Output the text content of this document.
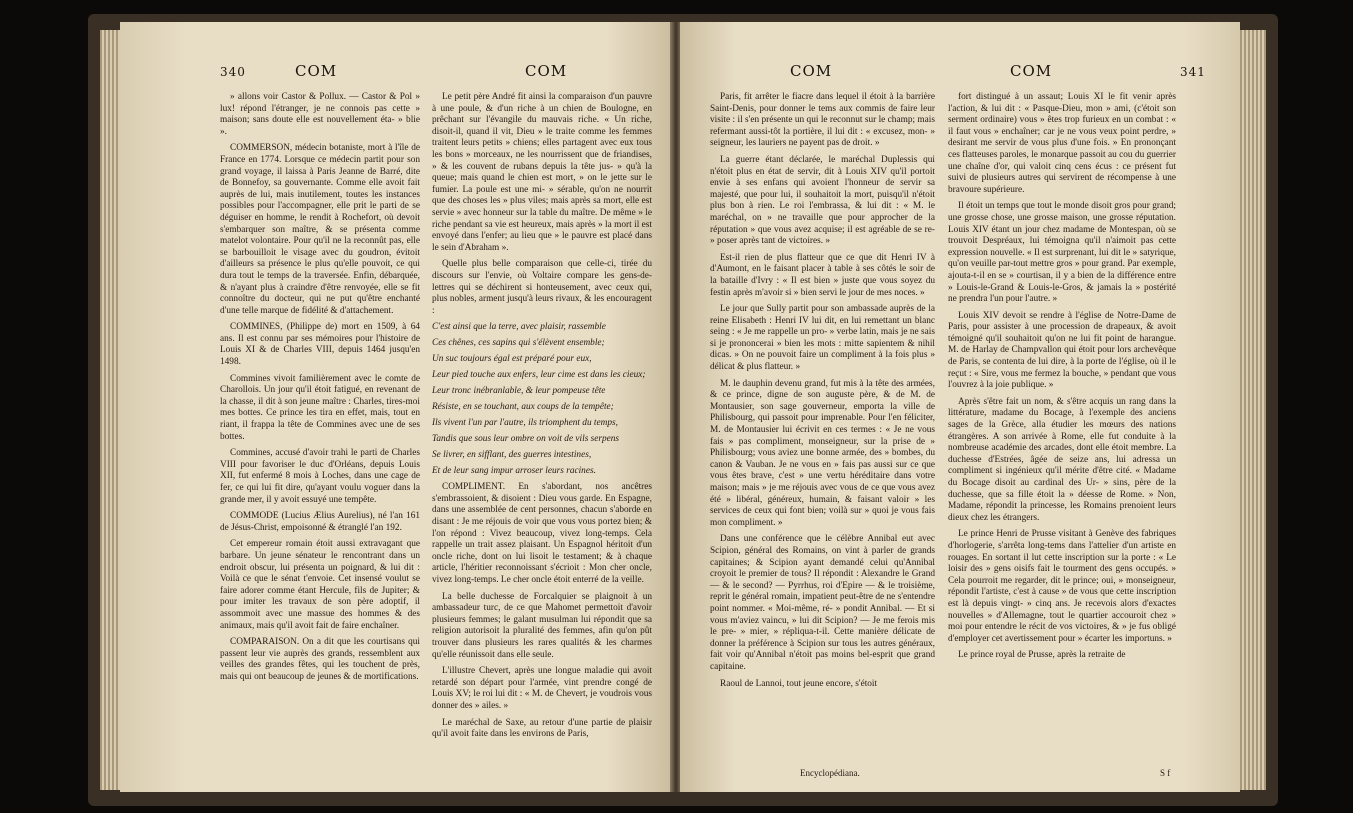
340	COM	COM

» allons voir Castor & Pollux. — Castor & Pol » lux! répond l'étranger, je ne connois pas cette » maison; sans doute elle est nouvellement éta- » blie ».

COMMERSON, médecin botaniste, mort à l'île de France en 1774. Lorsque ce médecin partit pour son grand voyage, il laissa à Paris Jeanne de Barré, dite de Bonnefoy, sa gouvernante. Comme elle avoit fait auprès de lui, mais inutilement, toutes les instances possibles pour l'accompagner, elle prit le parti de se déguiser en homme, le rendit à Rochefort, où devoit s'embarquer son maître, & se présenta comme matelot volontaire. Pour qu'il ne la reconnût pas, elle se barbouilloit le visage avec du goudron, évitoit d'ailleurs sa présence le plus qu'elle pouvoit, ce qui dura tout le temps de la traversée. Enfin, débarquée, & n'ayant plus à craindre d'être renvoyée, elle se fit connoître du docteur, qui ne put qu'être enchanté d'une telle marque de fidélité & d'attachement.

COMMINES, (Philippe de) mort en 1509, à 64 ans. Il est connu par ses mémoires pour l'histoire de Louis XI & de Charles VIII, depuis 1464 jusqu'en 1498.

Commines vivoit familièrement avec le comte de Charollois. Un jour qu'il étoit fatigué, en revenant de la chasse, il dit à son jeune maître : Charles, tires-moi mes bottes. Ce prince les tira en effet, mais, tout en riant, il frappa la tête de Commines avec une de ses bottes.

Commines, accusé d'avoir trahi le parti de Charles VIII pour favoriser le duc d'Orléans, depuis Louis XII, fut enfermé 8 mois à Loches, dans une cage de fer, ce qui lui fit dire, qu'ayant voulu voguer dans la grande mer, il y avoit essuyé une tempête.

COMMODE (Lucius Ælius Aurelius), né l'an 161 de Jésus-Christ, empoisonné & étranglé l'an 192.

Cet empereur romain étoit aussi extravagant que barbare. Un jeune sénateur le rencontrant dans un endroit obscur, lui présenta un poignard, & lui dit : Voilà ce que le sénat t'envoie. Cet insensé voulut se faire adorer comme étant Hercule, fils de Jupiter; & pour imiter les travaux de son père adoptif, il assommoit avec une massue des hommes & des animaux, mais qu'il avoit fait de faire enchaîner.

COMPARAISON. On a dit que les courtisans qui passent leur vie auprès des grands, ressemblent aux veilles des grandes fêtes, qui les touchent de près, mais qui ont beaucoup de jeunes & de mortifications.

Le petit père André fit ainsi la comparaison d'un pauvre à une poule, & d'un riche à un chien de Boulogne, en prêchant sur l'évangile du mauvais riche. « Un riche, disoit-il, quand il vit, Dieu » le traite comme les femmes traitent leurs petits » chiens; elles partagent avec eux tous les bons » morceaux, ne les nourrissent que de friandises, » & les couvent de rubans depuis la tête jus- » qu'à la queue; mais quand le chien est mort, » on le jette sur le fumier. La poule est une mi- » sérable, qu'on ne nourrit que des choses les » plus viles; mais après sa mort, elle est servie » avec honneur sur la table du maître. De même » le riche pendant sa vie est heureux, mais après » la mort il est envoyé dans l'enfer; au lieu que » le pauvre est placé dans le sein d'Abraham ».

Quelle plus belle comparaison que celle-ci, tirée du discours sur l'envie, où Voltaire compare les gens-de-lettres qui se déchirent si honteusement, avec ceux qui, plus nobles, arment jusqu'à leurs rivaux, & les encouragent :

C'est ainsi que la terre, avec plaisir, rassemble

Ces chênes, ces sapins qui s'élèvent ensemble;

Un suc toujours égal est préparé pour eux,

Leur pied touche aux enfers, leur cime est dans les cieux;

Leur tronc inébranlable, & leur pompeuse tête

Résiste, en se touchant, aux coups de la tempête;

Ils vivent l'un par l'autre, ils triomphent du temps,

Tandis que sous leur ombre on voit de vils serpens

Se livrer, en sifflant, des guerres intestines,

Et de leur sang impur arroser leurs racines.

COMPLIMENT. En s'abordant, nos ancêtres s'embrassoient, & disoient : Dieu vous garde. En Espagne, dans une assemblée de cent personnes, chacun s'aborde en disant : Je me réjouis de voir que vous vous portez bien; & l'on répond : Vivez beaucoup, vivez long-temps. Cela rappelle un trait assez plaisant. Un Espagnol héritoit d'un oncle riche, dont on lui lisoit le testament; & à chaque article, l'héritier reconnoissant s'écrioit : Mon cher oncle, vivez long-temps. Le cher oncle étoit enterré de la veille.

La belle duchesse de Forcalquier se plaignoit à un ambassadeur turc, de ce que Mahomet permettoit d'avoir plusieurs femmes; le galant musulman lui répondit que sa religion autorisoit la pluralité des femmes, afin qu'on pût trouver dans plusieurs les rares qualités & les charmes qu'elle réunissoit dans elle seule.

L'illustre Chevert, après une longue maladie qui avoit retardé son départ pour l'armée, vint prendre congé de Louis XV; le roi lui dit : « M. de Chevert, je voudrois vous donner des » ailes. »

Le maréchal de Saxe, au retour d'une partie de plaisir qu'il avoit faite dans les environs de Paris,

COM	COM	341

Paris, fit arrêter le fiacre dans lequel il étoit à la barrière Saint-Denis, pour donner le tems aux commis de faire leur visite : il s'en présente un qui le reconnut sur le champ; mais refermant aussi-tôt la portière, il lui dit : « excusez, mon- » seigneur, les lauriers ne payent pas de droit. »

La guerre étant déclarée, le maréchal Duplessis qui n'étoit plus en état de servir, dit à Louis XIV qu'il portoit envie à ses enfans qui avoient l'honneur de servir sa majesté, que pour lui, il souhaitoit la mort, puisqu'il n'étoit plus bon à rien. Le roi l'embrassa, & lui dit : « M. le maréchal, on » ne travaille que pour approcher de la réputation » que vous avez acquise; il est agréable de se re- » poser après tant de victoires. »

Est-il rien de plus flatteur que ce que dit Henri IV à d'Aumont, en le faisant placer à table à ses côtés le soir de la bataille d'Ivry : « Il est bien » juste que vous soyez du festin après m'avoir si » bien servi le jour de mes noces. »

Le jour que Sully partit pour son ambassade auprès de la reine Elisabeth : Henri IV lui dit, en lui remettant un blanc seing : « Je me rappelle un pro- » verbe latin, mais je ne sais si je prononcerai » bien les mots : mitte sapientem & nihil dicas. » On ne pouvoit faire un compliment à la fois plus » délicat & plus flatteur. »

M. le dauphin devenu grand, fut mis à la tête des armées, & ce prince, digne de son auguste père, & de M. de Montausier, son sage gouverneur, emporta la ville de Philisbourg, qui passoit pour imprenable. Pour l'en féliciter, M. de Montausier lui écrivit en ces termes : « Je ne vous fais » pas compliment, monseigneur, sur la prise de » Philisbourg; vous aviez une bonne armée, des » bombes, du canon & Vauban. Je ne vous en » fais pas aussi sur ce que vous êtes brave, c'est » une vertu héréditaire dans votre maison; mais » je me réjouis avec vous de ce que vous avez été » libéral, généreux, humain, & faisant valoir » les services de ceux qui font bien; voilà sur » quoi je vous fais mon compliment. »

Dans une conférence que le célèbre Annibal eut avec Scipion, général des Romains, on vint à parler de grands capitaines; & Scipion ayant demandé celui qu'Annibal croyoit le premier de tous? Il répondit : Alexandre le Grand — & le second? — Pyrrhus, roi d'Epire — & le troisième, reprit le général romain, impatient peut-être de ne s'entendre point nommer. « Moi-même, ré- » pondit Annibal. — Et si vous m'aviez vaincu, » lui dit Scipion? — Je me ferois mis le pre- » mier, » répliqua-t-il. Cette manière délicate de donner la préférence à Scipion sur tous les autres généraux, fait voir qu'Annibal n'étoit pas moins bel-esprit que grand capitaine.

Raoul de Lannoi, tout jeune encore, s'étoit

fort distingué à un assaut; Louis XI le fit venir après l'action, & lui dit : « Pasque-Dieu, mon » ami, (c'étoit son serment ordinaire) vous » êtes trop furieux en un combat : « il faut vous » enchaîner; car je ne vous veux point perdre, » desirant me servir de vous plus d'une fois. » En prononçant ces flatteuses paroles, le monarque passoit au cou du guerrier une chaîne d'or, qui valoit cinq cens écus : ce présent fut suivi de plusieurs autres qui servirent de récompense à une bravoure supérieure.

Il étoit un temps que tout le monde disoit gros pour grand; une grosse chose, une grosse maison, une grosse réputation. Louis XIV étant un jour chez madame de Montespan, où se trouvoit Despréaux, lui témoigna qu'il n'aimoit pas cette expression nouvelle. « Il est surprenant, lui dit le » satyrique, qu'on veuille par-tout mettre gros » pour grand. Par exemple, ajouta-t-il en se » courtisan, il y a bien de la différence entre » Louis-le-Grand & Louis-le-Gros, & jamais la » postérité ne prendra l'un pour l'autre. »

Louis XIV devoit se rendre à l'église de Notre-Dame de Paris, pour assister à une procession de drapeaux, & avoit témoigné qu'il souhaitoit qu'on ne lui fit point de harangue. M. de Harlay de Champvallon qui étoit pour lors archevêque de Paris, se contenta de lui dire, à la porte de l'église, où il le reçut : « Sire, vous me fermez la bouche, » pendant que vous l'ouvrez à la joie publique. »

Après s'être fait un nom, & s'être acquis un rang dans la littérature, madame du Bocage, à l'exemple des anciens sages de la Grèce, alla étudier les mœurs des nations étrangères. A son arrivée à Rome, elle fut conduite à la nombreuse académie des arcades, dont elle étoit membre. La duchesse d'Estrées, âgée de seize ans, lui adressa un compliment si ingénieux qu'il mérite d'être cité. « Madame du Bocage disoit au cardinal des Ur- » sins, père de la duchesse, que sa fille étoit la » déesse de Rome. » Non, Madame, répondit la princesse, les Romains prenoient leurs dieux chez les étrangers.

Le prince Henri de Prusse visitant à Genève des fabriques d'horlogerie, s'arrêta long-tems dans l'attelier d'un artiste en rouages. En sortant il lut cette inscription sur la porte : « Le loisir des » gens oisifs fait le tourment des gens occupés. » Cela pourroit me regarder, dit le prince; oui, » monseigneur, répondit l'artiste, c'est à cause » de vous que cette inscription est là depuis vingt- » cinq ans. Je recevois alors d'exactes nouvelles » d'Allemagne, tout le quartier accouroit chez » moi pour entendre le récit de vos victoires, & » je fus obligé d'employer cet avertissement pour » écarter les importuns. »

Le prince royal de Prusse, après la retraite de

Encyclopédiana.	S f
